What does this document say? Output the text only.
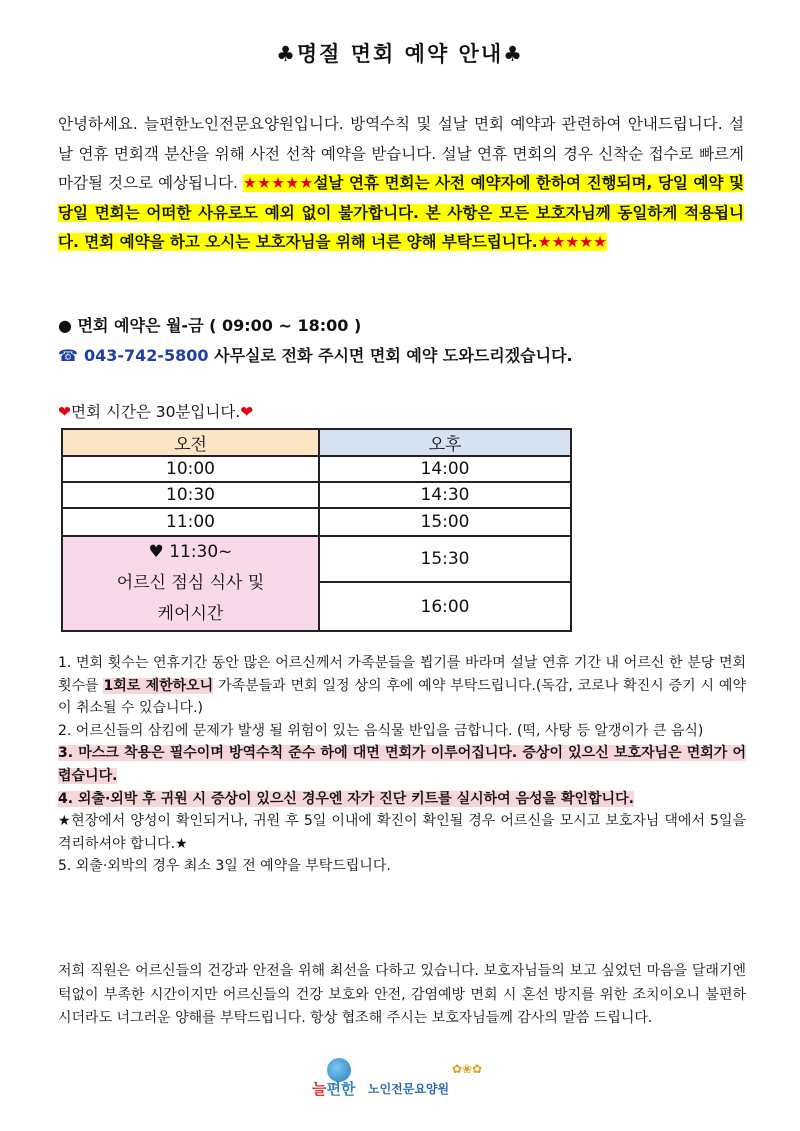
♣명절 면회 예약 안내♣
안녕하세요. 늘편한노인전문요양원입니다. 방역수칙 및 설날 면회 예약과 관련하여 안내드립니다. 설날 연휴 면회객 분산을 위해 사전 선착 예약을 받습니다. 설날 연휴 면회의 경우 신착순 접수로 빠르게 마감될 것으로 예상됩니다. ★★★★★설날 연휴 면회는 사전 예약자에 한하여 진행되며, 당일 예약 및 당일 면회는 어떠한 사유로도 예외 없이 불가합니다. 본 사항은 모든 보호자님께 동일하게 적용됩니다. 면회 예약을 하고 오시는 보호자님을 위해 너른 양해 부탁드립니다.★★★★★
● 면회 예약은 월-금 ( 09:00 ~ 18:00 )
☎ 043-742-5800 사무실로 전화 주시면 면회 예약 도와드리겠습니다.
❤면회 시간은 30분입니다.❤
오전	오후
10:00	14:00
10:30	14:30
11:00	15:00

♥ 11:30~
어르신 점심 식사 및
케어시간	15:30
	16:00

1. 면회 횟수는 연휴기간 동안 많은 어르신께서 가족분들을 뵙기를 바라며 설날 연휴 기간 내 어르신 한 분당 면회 횟수를 1회로 제한하오니 가족분들과 면회 일정 상의 후에 예약 부탁드립니다.(독감, 코로나 확진시 증기 시 예약이 취소될 수 있습니다.)

2. 어르신들의 삼킴에 문제가 발생 될 위험이 있는 음식물 반입을 금합니다. (떡, 사탕 등 알갱이가 큰 음식)

3. 마스크 착용은 필수이며 방역수칙 준수 하에 대면 면회가 이루어집니다. 증상이 있으신 보호자님은 면회가 어렵습니다.

4. 외출·외박 후 귀원 시 증상이 있으신 경우엔 자가 진단 키트를 실시하여 음성을 확인합니다.
★현장에서 양성이 확인되거나, 귀원 후 5일 이내에 확진이 확인될 경우 어르신을 모시고 보호자님 댁에서 5일을 격리하셔야 합니다.★

5. 외출·외박의 경우 최소 3일 전 예약을 부탁드립니다.

저희 직원은 어르신들의 건강과 안전을 위해 최선을 다하고 있습니다. 보호자님들의 보고 싶었던 마음을 달래기엔 턱없이 부족한 시간이지만 어르신들의 건강 보호와 안전, 감염예방 면회 시 혼선 방지를 위한 조치이오니 불편하시더라도 너그러운 양해를 부탁드립니다. 항상 협조해 주시는 보호자님들께 감사의 말씀 드립니다.
늘편한 노인전문요양원
✿❀✿
